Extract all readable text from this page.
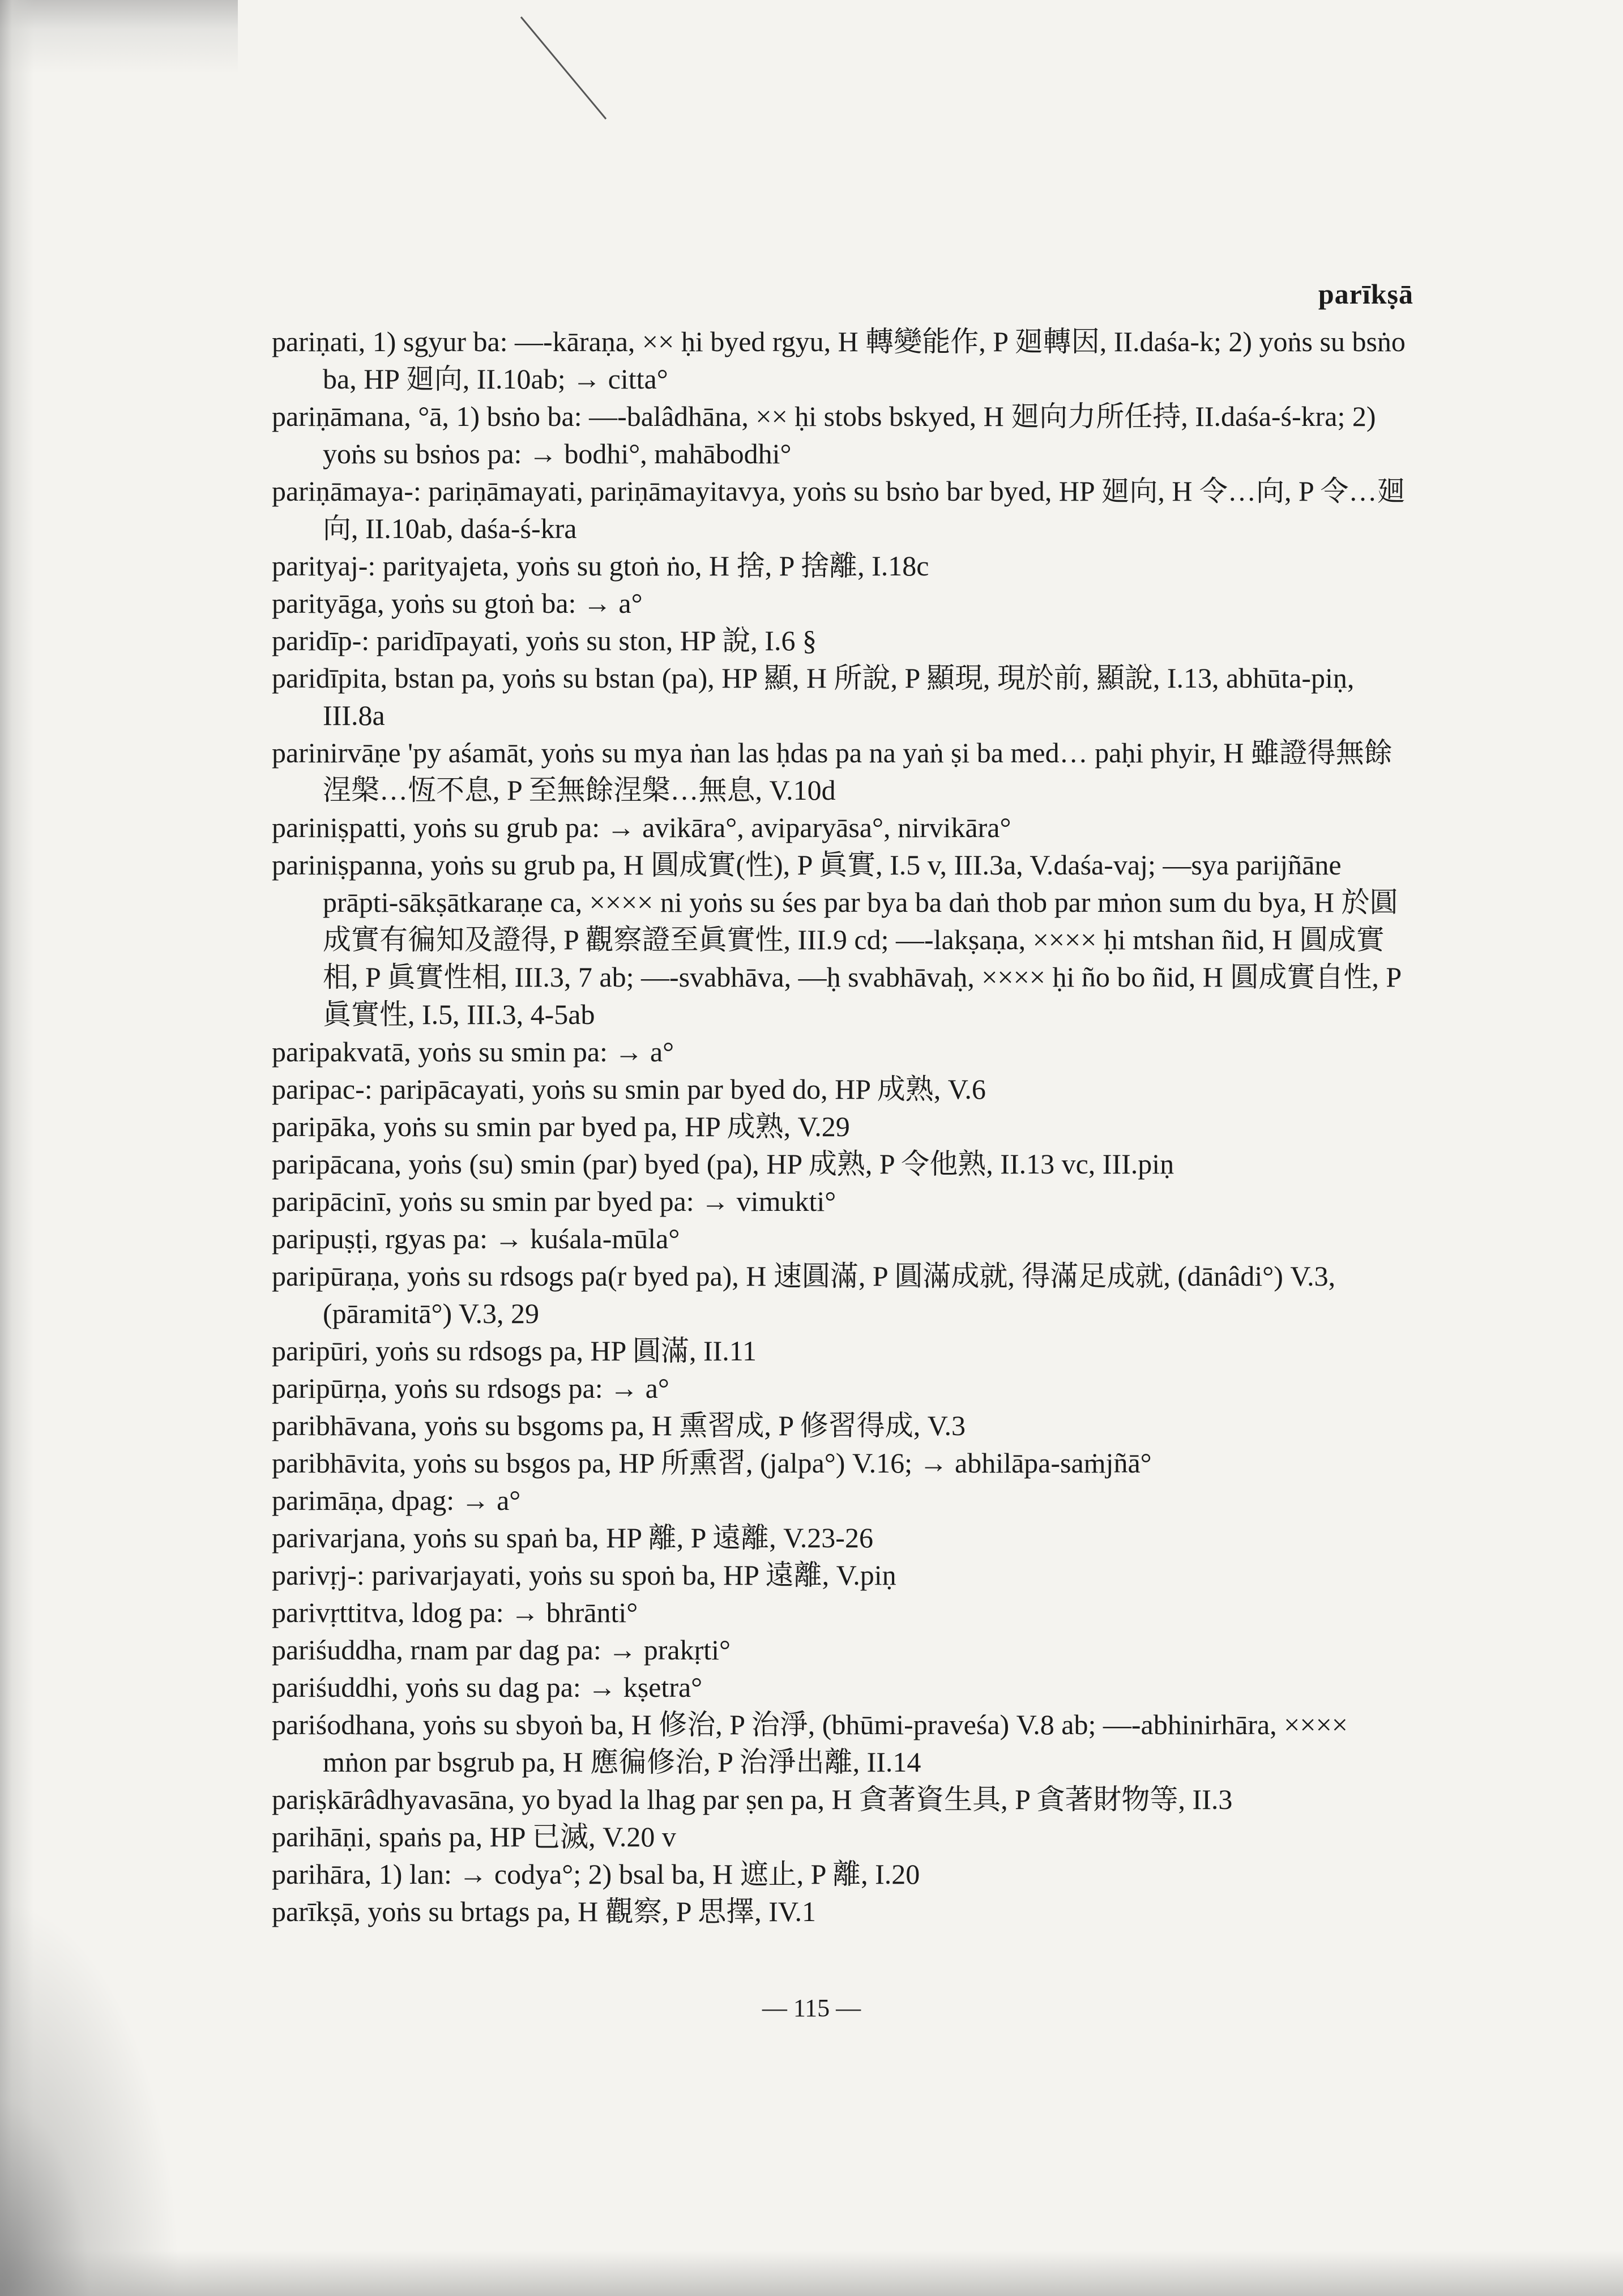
parīkṣā
pariṇati, 1) sgyur ba: —-kāraṇa, ×× ḥi byed rgyu, H 轉變能作, P 廻轉因, II.daśa-k; 2) yoṅs su bsṅo ba, HP 廻向, II.10ab; → citta°
pariṇāmana, °ā, 1) bsṅo ba: —-balâdhāna, ×× ḥi stobs bskyed, H 廻向力所任持, II.daśa-ś-kra; 2) yoṅs su bsṅos pa: → bodhi°, mahābodhi°
pariṇāmaya-: pariṇāmayati, pariṇāmayitavya, yoṅs su bsṅo bar byed, HP 廻向, H 令…向, P 令…廻向, II.10ab, daśa-ś-kra
parityaj-: parityajeta, yoṅs su gtoṅ ṅo, H 捨, P 捨離, I.18c
parityāga, yoṅs su gtoṅ ba: → a°
paridīp-: paridīpayati, yoṅs su ston, HP 說, I.6 §
paridīpita, bstan pa, yoṅs su bstan (pa), HP 顯, H 所說, P 顯現, 現於前, 顯說, I.13, abhūta-piṇ, III.8a
parinirvāṇe 'py aśamāt, yoṅs su mya ṅan las ḥdas pa na yaṅ ṣi ba med… paḥi phyir, H 雖證得無餘涅槃…恆不息, P 至無餘涅槃…無息, V.10d
pariniṣpatti, yoṅs su grub pa: → avikāra°, aviparyāsa°, nirvikāra°
pariniṣpanna, yoṅs su grub pa, H 圓成實(性), P 眞實, I.5 v, III.3a, V.daśa-vaj; —sya parijñāne prāpti-sākṣātkaraṇe ca, ×××× ni yoṅs su śes par bya ba daṅ thob par mṅon sum du bya, H 於圓成實有徧知及證得, P 觀察證至眞實性, III.9 cd; —-lakṣaṇa, ×××× ḥi mtshan ñid, H 圓成實相, P 眞實性相, III.3, 7 ab; —-svabhāva, —ḥ svabhāvaḥ, ×××× ḥi ño bo ñid, H 圓成實自性, P 眞實性, I.5, III.3, 4-5ab
paripakvatā, yoṅs su smin pa: → a°
paripac-: paripācayati, yoṅs su smin par byed do, HP 成熟, V.6
paripāka, yoṅs su smin par byed pa, HP 成熟, V.29
paripācana, yoṅs (su) smin (par) byed (pa), HP 成熟, P 令他熟, II.13 vc, III.piṇ
paripācinī, yoṅs su smin par byed pa: → vimukti°
paripuṣṭi, rgyas pa: → kuśala-mūla°
paripūraṇa, yoṅs su rdsogs pa(r byed pa), H 速圓滿, P 圓滿成就, 得滿足成就, (dānâdi°) V.3, (pāramitā°) V.3, 29
paripūri, yoṅs su rdsogs pa, HP 圓滿, II.11
paripūrṇa, yoṅs su rdsogs pa: → a°
paribhāvana, yoṅs su bsgoms pa, H 熏習成, P 修習得成, V.3
paribhāvita, yoṅs su bsgos pa, HP 所熏習, (jalpa°) V.16; → abhilāpa-saṁjñā°
parimāṇa, dpag: → a°
parivarjana, yoṅs su spaṅ ba, HP 離, P 遠離, V.23-26
parivṛj-: parivarjayati, yoṅs su spoṅ ba, HP 遠離, V.piṇ
parivṛttitva, ldog pa: → bhrānti°
pariśuddha, rnam par dag pa: → prakṛti°
pariśuddhi, yoṅs su dag pa: → kṣetra°
pariśodhana, yoṅs su sbyoṅ ba, H 修治, P 治淨, (bhūmi-praveśa) V.8 ab; —-abhinirhāra, ×××× mṅon par bsgrub pa, H 應徧修治, P 治淨出離, II.14
pariṣkārâdhyavasāna, yo byad la lhag par ṣen pa, H 貪著資生具, P 貪著財物等, II.3
parihāṇi, spaṅs pa, HP 已滅, V.20 v
parihāra, 1) lan: → codya°; 2) bsal ba, H 遮止, P 離, I.20
parīkṣā, yoṅs su brtags pa, H 觀察, P 思擇, IV.1
— 115 —
